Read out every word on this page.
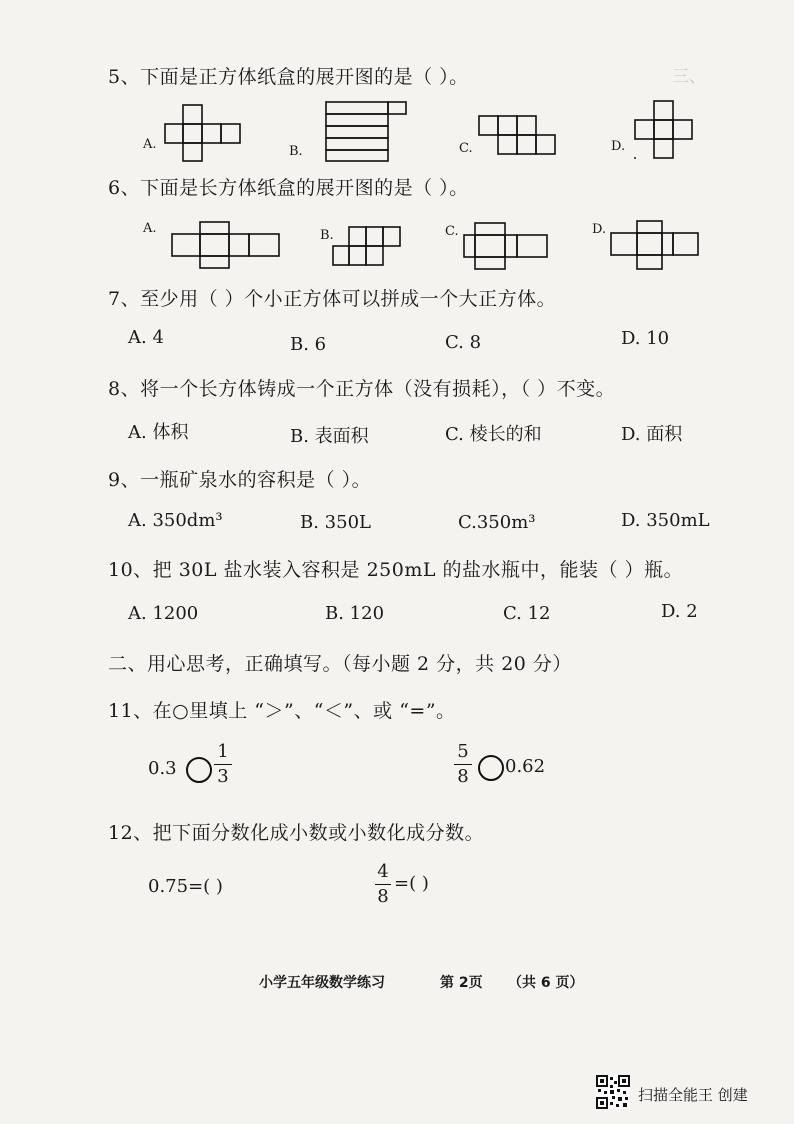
三、
5、下面是正方体纸盒的展开图的是（ ）。
A.	B.	C.	D.
6、下面是长方体纸盒的展开图的是（ ）。
A.	B.	C.	D.
7、至少用（ ）个小正方体可以拼成一个大正方体。
A. 4	B. 6	C. 8	D. 10
8、将一个长方体铸成一个正方体（没有损耗），（ ）不变。
A. 体积	B. 表面积	C. 棱长的和	D. 面积
9、一瓶矿泉水的容积是（ ）。
A. 350dm³	B. 350L	C.350m³	D. 350mL
10、把 30L 盐水装入容积是 250mL 的盐水瓶中，能装（ ）瓶。
A. 1200	B. 120	C. 12	D. 2
二、用心思考，正确填写。（每小题 2 分，共 20 分）
11、在○里填上 “＞”、“＜”、或 “=”。
0.3
1
3
5
8 0.62
12、把下面分数化成小数或小数化成分数。
0.75=( )
4
8
=( )
小学五年级数学练习	第 2页 （共 6 页）
扫描全能王 创建
